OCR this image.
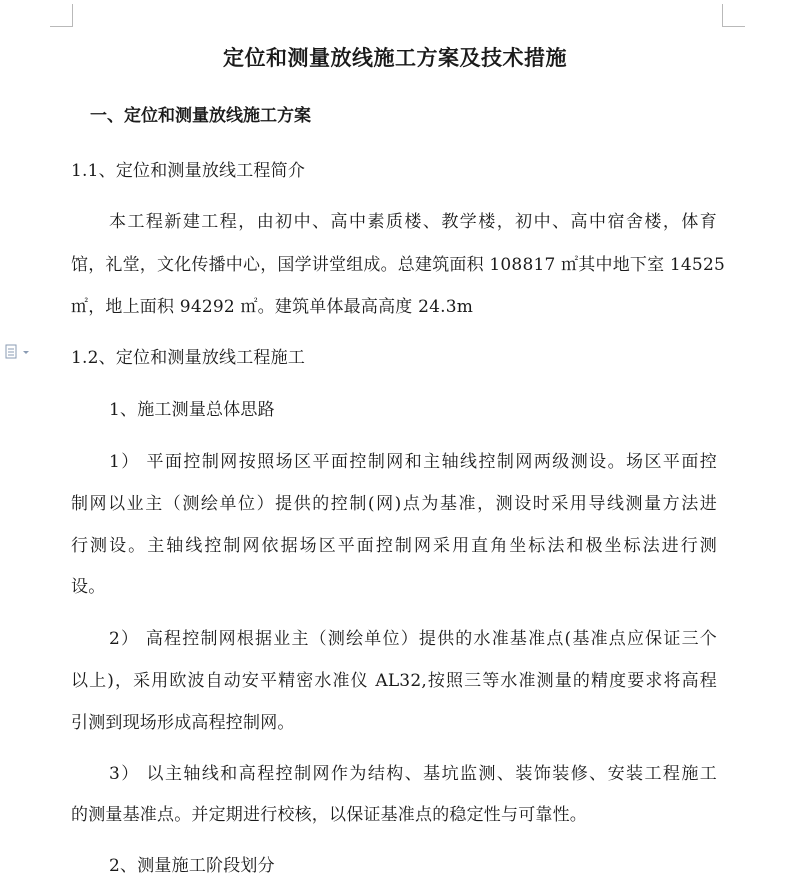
定位和测量放线施工方案及技术措施
一、定位和测量放线施工方案
1.1、定位和测量放线工程简介
本工程新建工程，由初中、高中素质楼、教学楼，初中、高中宿舍楼，体育
馆，礼堂，文化传播中心，国学讲堂组成。总建筑面积 108817 ㎡其中地下室 14525
㎡，地上面积 94292 ㎡。建筑单体最高高度 24.3m
1.2、定位和测量放线工程施工
1、施工测量总体思路
1） 平面控制网按照场区平面控制网和主轴线控制网两级测设。场区平面控
制网以业主（测绘单位）提供的控制(网)点为基准，测设时采用导线测量方法进
行测设。主轴线控制网依据场区平面控制网采用直角坐标法和极坐标法进行测
设。
2） 高程控制网根据业主（测绘单位）提供的水准基准点(基准点应保证三个
以上)，采用欧波自动安平精密水准仪 AL32,按照三等水准测量的精度要求将高程
引测到现场形成高程控制网。
3） 以主轴线和高程控制网作为结构、基坑监测、装饰装修、安装工程施工
的测量基准点。并定期进行校核，以保证基准点的稳定性与可靠性。
2、测量施工阶段划分
